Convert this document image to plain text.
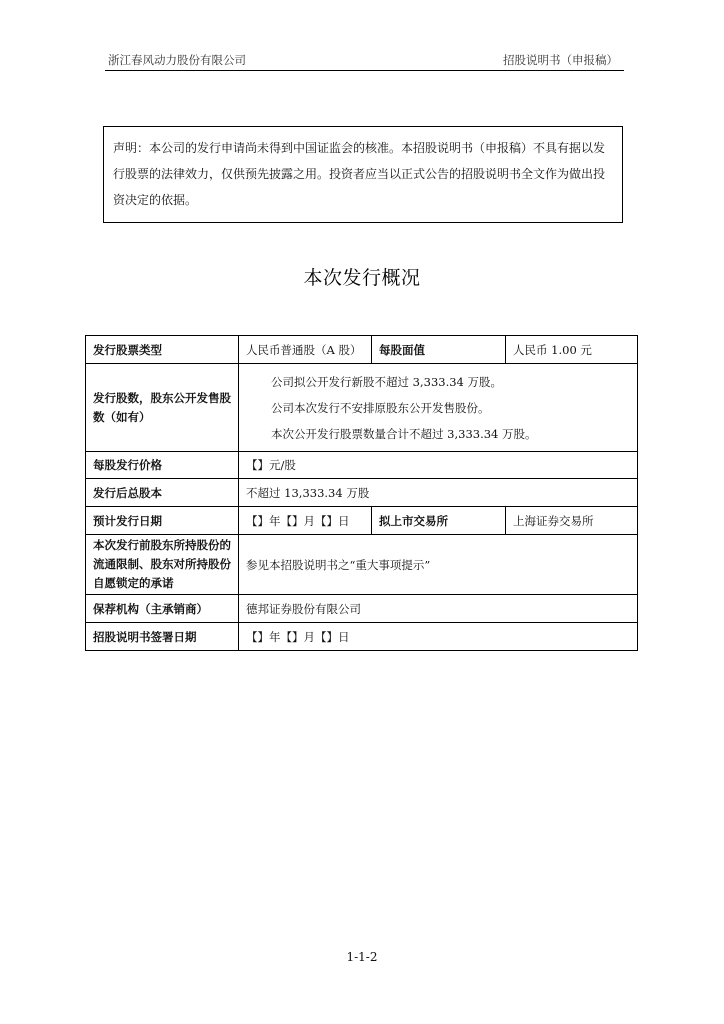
浙江春风动力股份有限公司	招股说明书（申报稿）
声明：本公司的发行申请尚未得到中国证监会的核准。本招股说明书（申报稿）不具有据以发行股票的法律效力，仅供预先披露之用。投资者应当以正式公告的招股说明书全文作为做出投资决定的依据。
本次发行概况
发行股票类型	人民币普通股（A 股）	每股面值	人民币 1.00 元
发行股数，股东公开发售股数（如有）	公司拟公开发行新股不超过 3,333.34 万股。
公司本次发行不安排原股东公开发售股份。
本次公开发行股票数量合计不超过 3,333.34 万股。		

每股发行价格	【】元/股		
发行后总股本	不超过 13,333.34 万股		
预计发行日期	【】年【】月【】日	拟上市交易所	上海证券交易所
本次发行前股东所持股份的流通限制、股东对所持股份自愿锁定的承诺	参见本招股说明书之“重大事项提示”		
保荐机构（主承销商）	德邦证券股份有限公司		
招股说明书签署日期	【】年【】月【】日		
1-1-2
